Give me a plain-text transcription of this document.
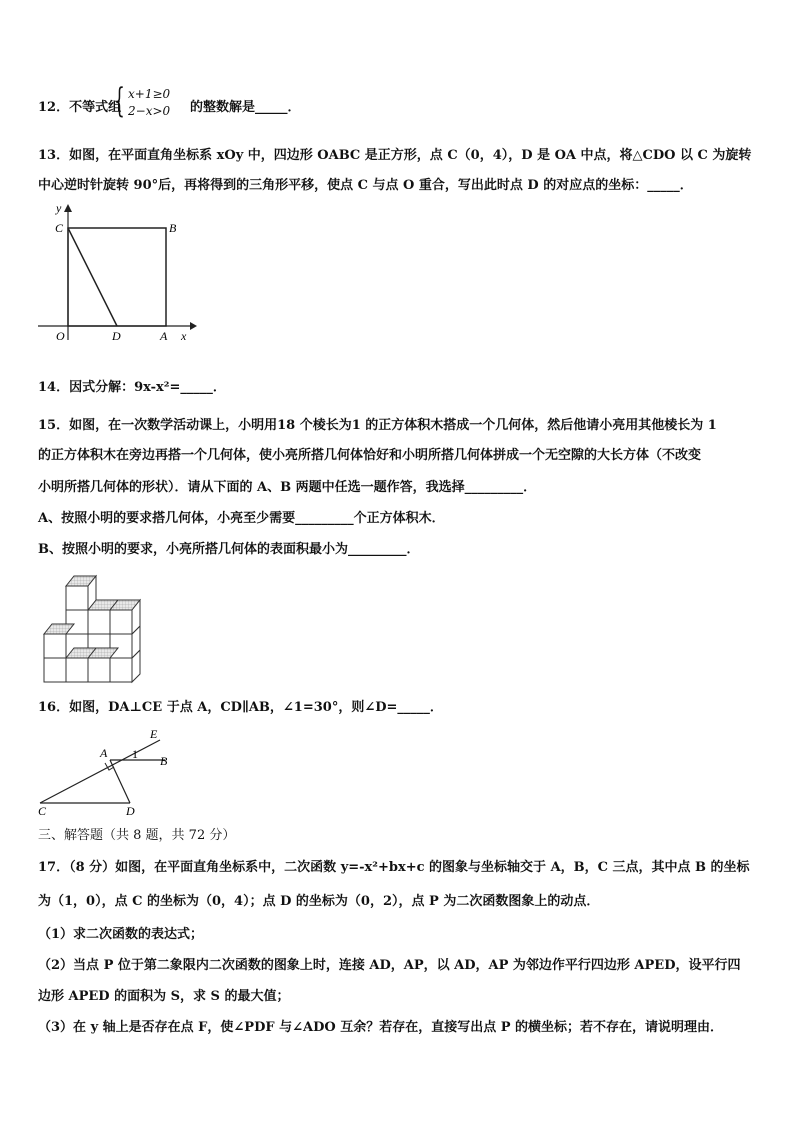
12．不等式组
{ x+1≥0
2−x>0 的整数解是_____．
13．如图，在平面直角坐标系 xOy 中，四边形 OABC 是正方形，点 C（0，4），D 是 OA 中点，将△CDO 以 C 为旋转
中心逆时针旋转 90°后，再将得到的三角形平移，使点 C 与点 O 重合，写出此时点 D 的对应点的坐标：_____．
y
C	B
O	D	A x
14．因式分解：9x-x²=_____．
15．如图，在一次数学活动课上，小明用18 个棱长为1 的正方体积木搭成一个几何体，然后他请小亮用其他棱长为 1
的正方体积木在旁边再搭一个几何体，使小亮所搭几何体恰好和小明所搭几何体拼成一个无空隙的大长方体（不改变
小明所搭几何体的形状）．请从下面的 A、B 两题中任选一题作答，我选择_________．
A、按照小明的要求搭几何体，小亮至少需要_________个正方体积木．
B、按照小明的要求，小亮所搭几何体的表面积最小为_________．
16．如图，DA⊥CE 于点 A，CD∥AB，∠1=30°，则∠D=_____．
E
A 1 B
C	D
三、解答题（共 8 题，共 72 分）
17．（8 分）如图，在平面直角坐标系中，二次函数 y=-x²+bx+c 的图象与坐标轴交于 A，B，C 三点，其中点 B 的坐标
为（1，0），点 C 的坐标为（0，4）；点 D 的坐标为（0，2），点 P 为二次函数图象上的动点．
（1）求二次函数的表达式；
（2）当点 P 位于第二象限内二次函数的图象上时，连接 AD，AP，以 AD，AP 为邻边作平行四边形 APED，设平行四
边形 APED 的面积为 S，求 S 的最大值；
（3）在 y 轴上是否存在点 F，使∠PDF 与∠ADO 互余？若存在，直接写出点 P 的横坐标；若不存在，请说明理由．
